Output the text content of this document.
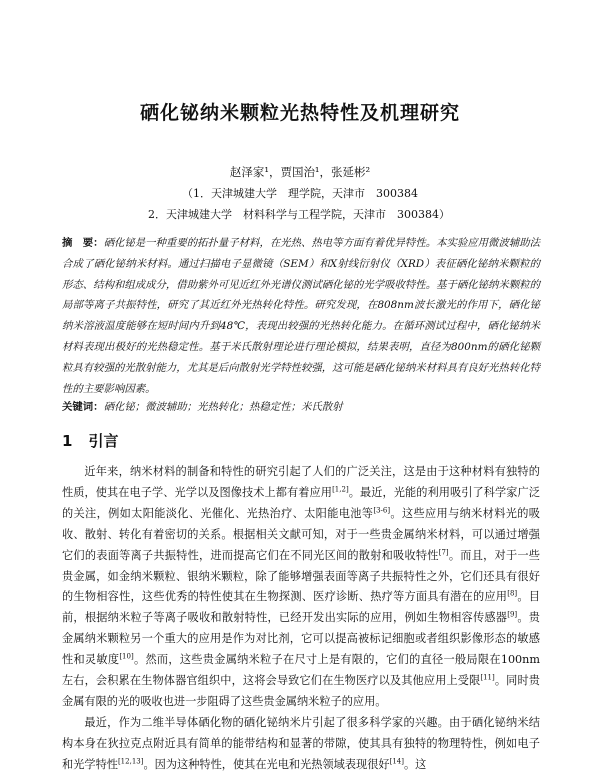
硒化铋纳米颗粒光热特性及机理研究
赵泽家¹，贾国治¹，张延彬²
（1．天津城建大学　理学院，天津市　300384
2．天津城建大学　材料科学与工程学院，天津市　300384）
摘　要：硒化铋是一种重要的拓扑量子材料，在光热、热电等方面有着优异特性。本实验应用微波辅助法合成了硒化铋纳米材料。通过扫描电子显微镜（SEM）和X射线衍射仪（XRD）表征硒化铋纳米颗粒的形态、结构和组成成分，借助紫外可见近红外光谱仪测试硒化铋的光学吸收特性。基于硒化铋纳米颗粒的局部等离子共振特性，研究了其近红外光热转化特性。研究发现，在808nm波长激光的作用下，硒化铋纳米溶液温度能够在短时间内升到48℃，表现出较强的光热转化能力。在循环测试过程中，硒化铋纳米材料表现出极好的光热稳定性。基于米氏散射理论进行理论模拟，结果表明，直径为800nm的硒化铋颗粒具有较强的光散射能力，尤其是后向散射光学特性较强，这可能是硒化铋纳米材料具有良好光热转化特性的主要影响因素。
关键词：硒化铋；微波辅助；光热转化；热稳定性；米氏散射
1 引言

近年来，纳米材料的制备和特性的研究引起了人们的广泛关注，这是由于这种材料有独特的性质，使其在电子学、光学以及图像技术上都有着应用[1,2]。最近，光能的利用吸引了科学家广泛的关注，例如太阳能淡化、光催化、光热治疗、太阳能电池等[3-6]。这些应用与纳米材料光的吸收、散射、转化有着密切的关系。根据相关文献可知，对于一些贵金属纳米材料，可以通过增强它们的表面等离子共振特性，进而提高它们在不同光区间的散射和吸收特性[7]。而且，对于一些贵金属，如金纳米颗粒、银纳米颗粒，除了能够增强表面等离子共振特性之外，它们还具有很好的生物相容性，这些优秀的特性使其在生物探测、医疗诊断、热疗等方面具有潜在的应用[8]。目前，根据纳米粒子等离子吸收和散射特性，已经开发出实际的应用，例如生物相容传感器[9]。贵金属纳米颗粒另一个重大的应用是作为对比剂，它可以提高被标记细胞或者组织影像形态的敏感性和灵敏度[10]。然而，这些贵金属纳米粒子在尺寸上是有限的，它们的直径一般局限在100nm左右，会积累在生物体器官组织中，这将会导致它们在生物医疗以及其他应用上受限[11]。同时贵金属有限的光的吸收也进一步阻碍了这些贵金属纳米粒子的应用。

最近，作为二维半导体硒化物的硒化铋纳米片引起了很多科学家的兴趣。由于硒化铋纳米结构本身在狄拉克点附近具有简单的能带结构和显著的带隙，使其具有独特的物理特性，例如电子和光学特性[12,13]。因为这种特性，使其在光电和光热领域表现很好[14]。这
